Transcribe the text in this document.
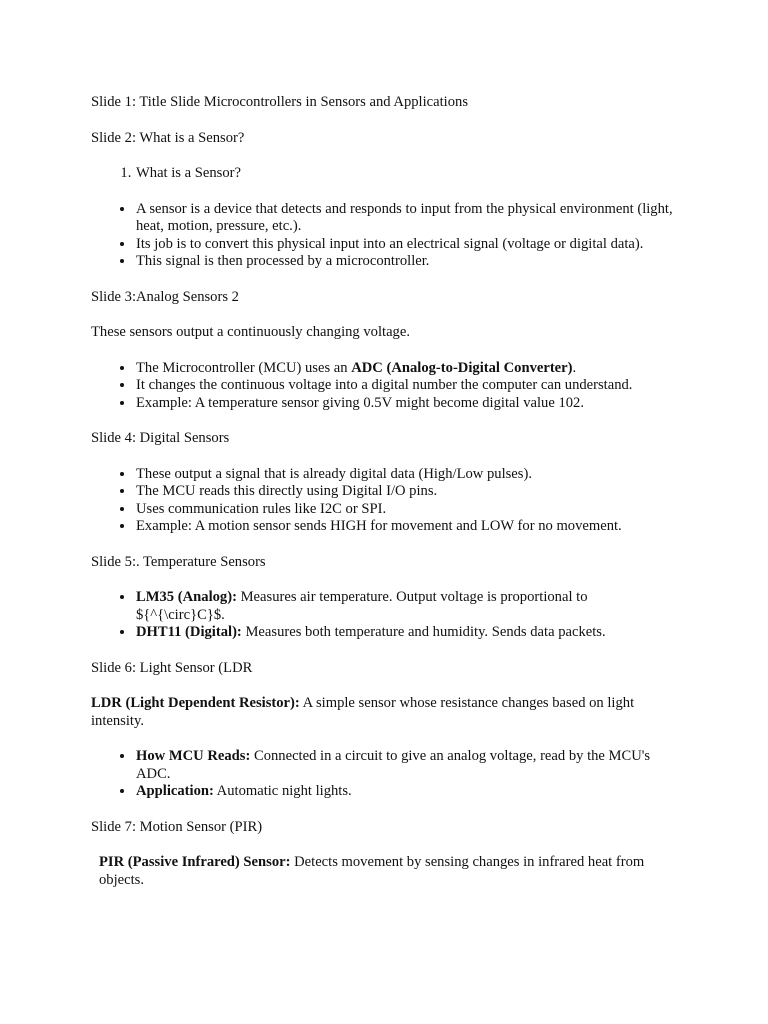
Slide 1: Title Slide Microcontrollers in Sensors and Applications

Slide 2: What is a Sensor?

1. What is a Sensor?
• A sensor is a device that detects and responds to input from the physical environment (light, heat, motion, pressure, etc.).
• Its job is to convert this physical input into an electrical signal (voltage or digital data).
• This signal is then processed by a microcontroller.

Slide 3:Analog Sensors 2

These sensors output a continuously changing voltage.

• The Microcontroller (MCU) uses an ADC (Analog-to-Digital Converter).
• It changes the continuous voltage into a digital number the computer can understand.
• Example: A temperature sensor giving 0.5V might become digital value 102.

Slide 4: Digital Sensors

• These output a signal that is already digital data (High/Low pulses).
• The MCU reads this directly using Digital I/O pins.
• Uses communication rules like I2C or SPI.
• Example: A motion sensor sends HIGH for movement and LOW for no movement.

Slide 5:. Temperature Sensors

• LM35 (Analog): Measures air temperature. Output voltage is proportional to ${^{\circ}C}$.
• DHT11 (Digital): Measures both temperature and humidity. Sends data packets.

Slide 6: Light Sensor (LDR

LDR (Light Dependent Resistor): A simple sensor whose resistance changes based on light intensity.

• How MCU Reads: Connected in a circuit to give an analog voltage, read by the MCU's ADC.
• Application: Automatic night lights.

Slide 7: Motion Sensor (PIR)

PIR (Passive Infrared) Sensor: Detects movement by sensing changes in infrared heat from objects.
